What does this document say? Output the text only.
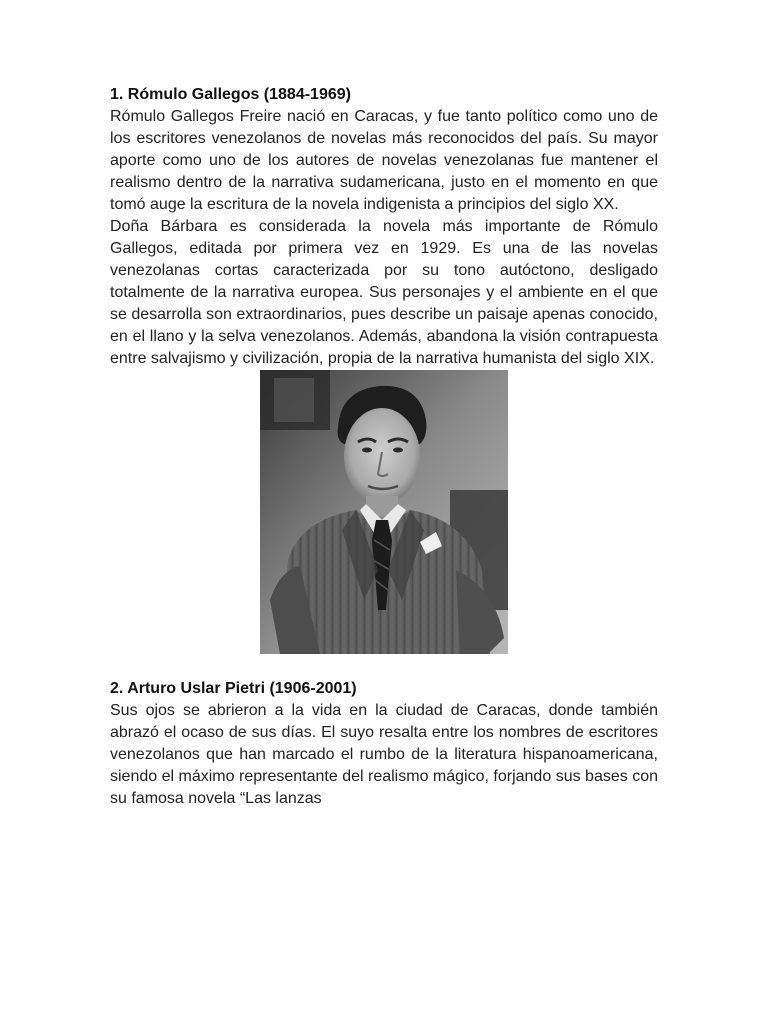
1. Rómulo Gallegos (1884-1969)

Rómulo Gallegos Freire nació en Caracas, y fue tanto político como uno de los escritores venezolanos de novelas más reconocidos del país. Su mayor aporte como uno de los autores de novelas venezolanas fue mantener el realismo dentro de la narrativa sudamericana, justo en el momento en que tomó auge la escritura de la novela indigenista a principios del siglo XX.

Doña Bárbara es considerada la novela más importante de Rómulo Gallegos, editada por primera vez en 1929. Es una de las novelas venezolanas cortas caracterizada por su tono autóctono, desligado totalmente de la narrativa europea. Sus personajes y el ambiente en el que se desarrolla son extraordinarios, pues describe un paisaje apenas conocido, en el llano y la selva venezolanos. Además, abandona la visión contrapuesta entre salvajismo y civilización, propia de la narrativa humanista del siglo XIX.

2. Arturo Uslar Pietri (1906-2001)

Sus ojos se abrieron a la vida en la ciudad de Caracas, donde también abrazó el ocaso de sus días. El suyo resalta entre los nombres de escritores venezolanos que han marcado el rumbo de la literatura hispanoamericana, siendo el máximo representante del realismo mágico, forjando sus bases con su famosa novela “Las lanzas
